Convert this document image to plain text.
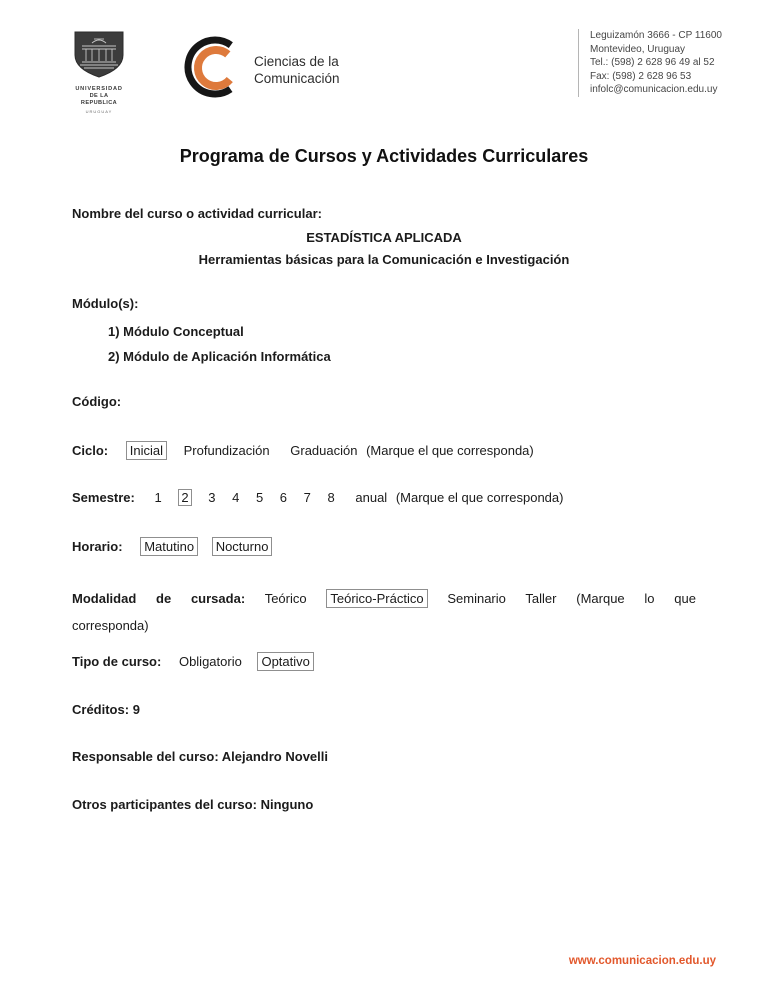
UNIVERSIDAD
DE LA REPUBLICA
URUGUAY
Ciencias de la
Comunicación
Leguizamón 3666 - CP 11600
Montevideo, Uruguay
Tel.: (598) 2 628 96 49 al 52
Fax: (598) 2 628 96 53
infolc@comunicacion.edu.uy
Programa de Cursos y Actividades Curriculares
Nombre del curso o actividad curricular:
ESTADÍSTICA APLICADA
Herramientas básicas para la Comunicación e Investigación
Módulo(s):
1) Módulo Conceptual
2) Módulo de Aplicación Informática
Código:
Ciclo: Inicial Profundización Graduación (Marque el que corresponda)
Semestre: 1 2 3 4 5 6 7 8 anual (Marque el que corresponda)
Horario: Matutino Nocturno
Modalidad de cursada: Teórico Teórico-Práctico Seminario Taller (Marque lo que
corresponda)
Tipo de curso: Obligatorio Optativo
Créditos: 9
Responsable del curso: Alejandro Novelli
Otros participantes del curso: Ninguno
www.comunicacion.edu.uy
